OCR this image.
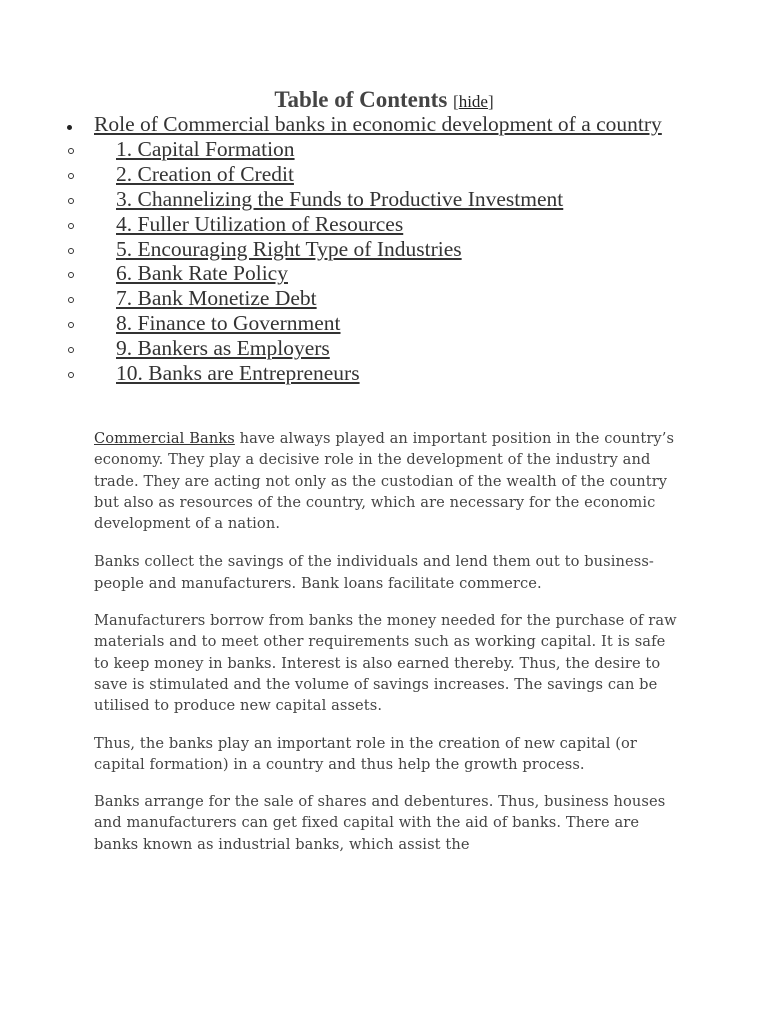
Table of Contents [hide]
Role of Commercial banks in economic development of a country
1. Capital Formation
2. Creation of Credit
3. Channelizing the Funds to Productive Investment
4. Fuller Utilization of Resources
5. Encouraging Right Type of Industries
6. Bank Rate Policy
7. Bank Monetize Debt
8. Finance to Government
9. Bankers as Employers
10. Banks are Entrepreneurs

Commercial Banks have always played an important position in the country’s economy. They play a decisive role in the development of the industry and trade. They are acting not only as the custodian of the wealth of the country but also as resources of the country, which are necessary for the economic development of a nation.

Banks collect the savings of the individuals and lend them out to business- people and manufacturers. Bank loans facilitate commerce.

Manufacturers borrow from banks the money needed for the purchase of raw materials and to meet other requirements such as working capital. It is safe to keep money in banks. Interest is also earned thereby. Thus, the desire to save is stimulated and the volume of savings increases. The savings can be utilised to produce new capital assets.

Thus, the banks play an important role in the creation of new capital (or capital formation) in a country and thus help the growth process.

Banks arrange for the sale of shares and debentures. Thus, business houses and manufacturers can get fixed capital with the aid of banks. There are banks known as industrial banks, which assist the
